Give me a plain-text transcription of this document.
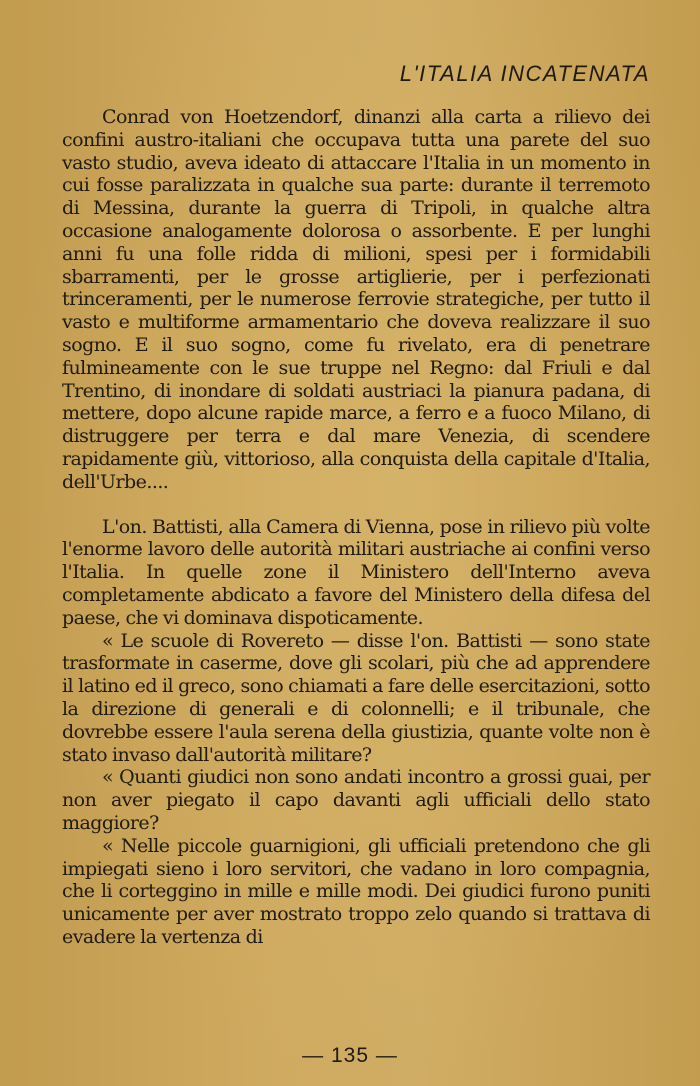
L'ITALIA INCATENATA

Conrad von Hoetzendorf, dinanzi alla carta a rilievo dei confini austro-italiani che occupava tutta una parete del suo vasto studio, aveva ideato di attaccare l'Italia in un momento in cui fosse paralizzata in qualche sua parte: durante il terremoto di Messina, durante la guerra di Tripoli, in qualche altra occasione analogamente dolorosa o assorbente. E per lunghi anni fu una folle ridda di milioni, spesi per i formidabili sbarramenti, per le grosse artiglierie, per i perfezionati trinceramenti, per le numerose ferrovie strategiche, per tutto il vasto e multiforme armamentario che doveva realizzare il suo sogno. E il suo sogno, come fu rivelato, era di penetrare fulmineamente con le sue truppe nel Regno: dal Friuli e dal Trentino, di inondare di soldati austriaci la pianura padana, di mettere, dopo alcune rapide marce, a ferro e a fuoco Milano, di distruggere per terra e dal mare Venezia, di scendere rapidamente giù, vittorioso, alla conquista della capitale d'Italia, dell'Urbe....

L'on. Battisti, alla Camera di Vienna, pose in rilievo più volte l'enorme lavoro delle autorità militari austriache ai confini verso l'Italia. In quelle zone il Ministero dell'Interno aveva completamente abdicato a favore del Ministero della difesa del paese, che vi dominava dispoticamente.

« Le scuole di Rovereto — disse l'on. Battisti — sono state trasformate in caserme, dove gli scolari, più che ad apprendere il latino ed il greco, sono chiamati a fare delle esercitazioni, sotto la direzione di generali e di colonnelli; e il tribunale, che dovrebbe essere l'aula serena della giustizia, quante volte non è stato invaso dall'autorità militare?

« Quanti giudici non sono andati incontro a grossi guai, per non aver piegato il capo davanti agli ufficiali dello stato maggiore?

« Nelle piccole guarnigioni, gli ufficiali pretendono che gli impiegati sieno i loro servitori, che vadano in loro compagnia, che li corteggino in mille e mille modi. Dei giudici furono puniti unicamente per aver mostrato troppo zelo quando si trattava di evadere la vertenza di

— 135 —
